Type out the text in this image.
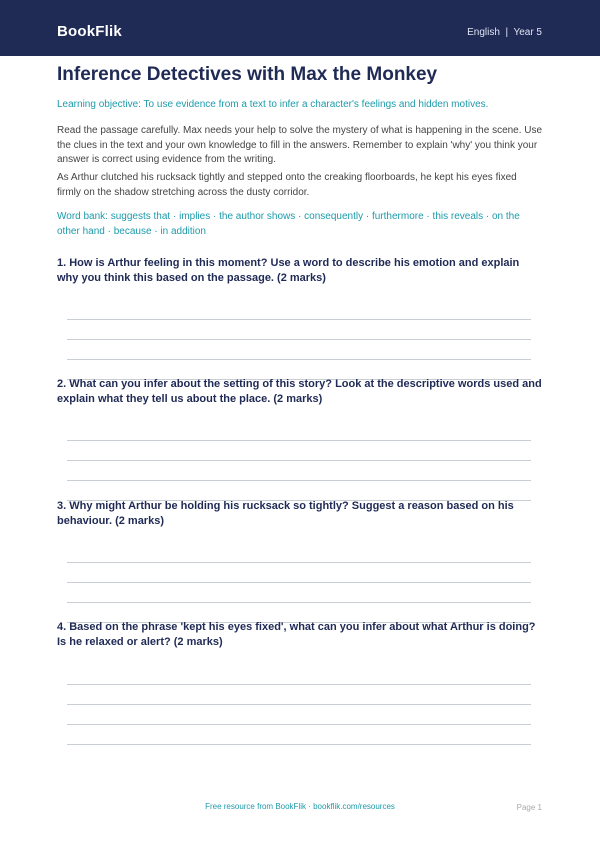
BookFlik	English  |  Year 5
Inference Detectives with Max the Monkey
Learning objective: To use evidence from a text to infer a character's feelings and hidden motives.
Read the passage carefully. Max needs your help to solve the mystery of what is happening in the scene. Use the clues in the text and your own knowledge to fill in the answers. Remember to explain 'why' you think your answer is correct using evidence from the writing.
As Arthur clutched his rucksack tightly and stepped onto the creaking floorboards, he kept his eyes fixed firmly on the shadow stretching across the dusty corridor.
Word bank: suggests that · implies · the author shows · consequently · furthermore · this reveals · on the other hand · because · in addition
1. How is Arthur feeling in this moment? Use a word to describe his emotion and explain why you think this based on the passage. (2 marks)
2. What can you infer about the setting of this story? Look at the descriptive words used and explain what they tell us about the place. (2 marks)
3. Why might Arthur be holding his rucksack so tightly? Suggest a reason based on his behaviour. (2 marks)
4. Based on the phrase 'kept his eyes fixed', what can you infer about what Arthur is doing? Is he relaxed or alert? (2 marks)
Free resource from BookFlik · bookflik.com/resources	Page 1
